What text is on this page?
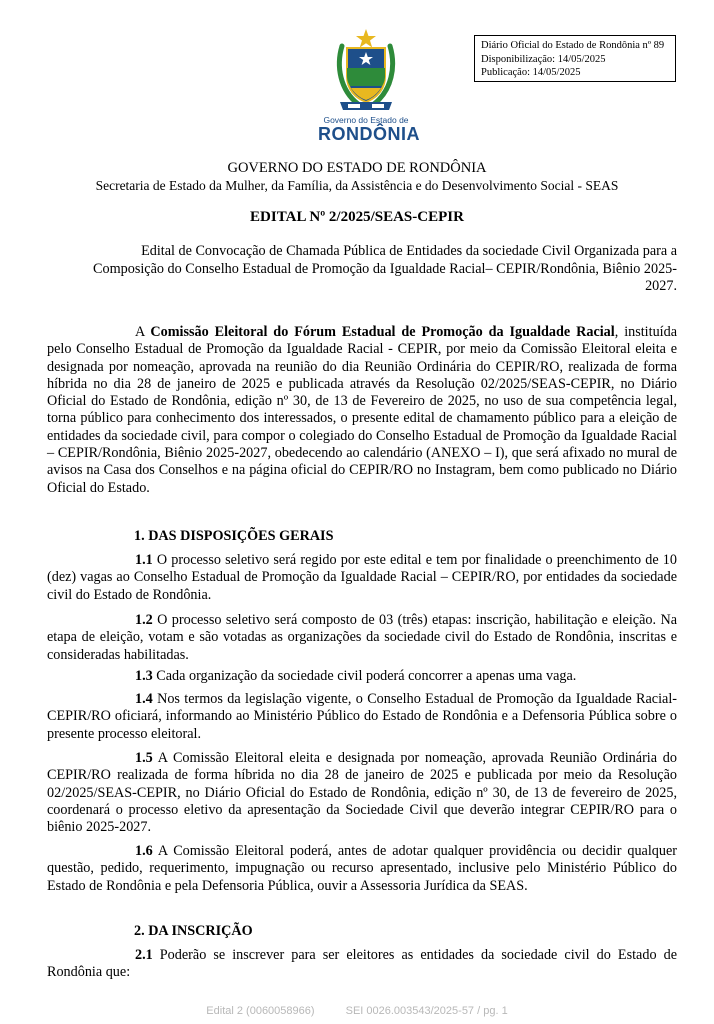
Diário Oficial do Estado de Rondônia nº 89
Disponibilização: 14/05/2025
Publicação: 14/05/2025
Governo do Estado de
RONDÔNIA
GOVERNO DO ESTADO DE RONDÔNIA
Secretaria de Estado da Mulher, da Família, da Assistência e do Desenvolvimento Social - SEAS
EDITAL Nº 2/2025/SEAS-CEPIR
Edital de Convocação de Chamada Pública de Entidades da sociedade Civil Organizada para a Composição do Conselho Estadual de Promoção da Igualdade Racial– CEPIR/Rondônia, Biênio 2025-2027.

A Comissão Eleitoral do Fórum Estadual de Promoção da Igualdade Racial, instituída pelo Conselho Estadual de Promoção da Igualdade Racial - CEPIR, por meio da Comissão Eleitoral eleita e designada por nomeação, aprovada na reunião do dia Reunião Ordinária do CEPIR/RO, realizada de forma híbrida no dia 28 de janeiro de 2025 e publicada através da Resolução 02/2025/SEAS-CEPIR, no Diário Oficial do Estado de Rondônia, edição nº 30, de 13 de Fevereiro de 2025, no uso de sua competência legal, torna público para conhecimento dos interessados, o presente edital de chamamento público para a eleição de entidades da sociedade civil, para compor o colegiado do Conselho Estadual de Promoção da Igualdade Racial – CEPIR/Rondônia, Biênio 2025-2027, obedecendo ao calendário (ANEXO – I), que será afixado no mural de avisos na Casa dos Conselhos e na página oficial do CEPIR/RO no Instagram, bem como publicado no Diário Oficial do Estado.

1. DAS DISPOSIÇÕES GERAIS

1.1 O processo seletivo será regido por este edital e tem por finalidade o preenchimento de 10 (dez) vagas ao Conselho Estadual de Promoção da Igualdade Racial – CEPIR/RO, por entidades da sociedade civil do Estado de Rondônia.

1.2 O processo seletivo será composto de 03 (três) etapas: inscrição, habilitação e eleição. Na etapa de eleição, votam e são votadas as organizações da sociedade civil do Estado de Rondônia, inscritas e consideradas habilitadas.

1.3 Cada organização da sociedade civil poderá concorrer a apenas uma vaga.

1.4 Nos termos da legislação vigente, o Conselho Estadual de Promoção da Igualdade Racial-CEPIR/RO oficiará, informando ao Ministério Público do Estado de Rondônia e a Defensoria Pública sobre o presente processo eleitoral.

1.5 A Comissão Eleitoral eleita e designada por nomeação, aprovada Reunião Ordinária do CEPIR/RO realizada de forma híbrida no dia 28 de janeiro de 2025 e publicada por meio da Resolução 02/2025/SEAS-CEPIR, no Diário Oficial do Estado de Rondônia, edição nº 30, de 13 de fevereiro de 2025, coordenará o processo eletivo da apresentação da Sociedade Civil que deverão integrar CEPIR/RO para o biênio 2025-2027.

1.6 A Comissão Eleitoral poderá, antes de adotar qualquer providência ou decidir qualquer questão, pedido, requerimento, impugnação ou recurso apresentado, inclusive pelo Ministério Público do Estado de Rondônia e pela Defensoria Pública, ouvir a Assessoria Jurídica da SEAS.

2. DA INSCRIÇÃO

2.1 Poderão se inscrever para ser eleitores as entidades da sociedade civil do Estado de Rondônia que:

Edital 2 (0060058966)	SEI 0026.003543/2025-57 / pg. 1
